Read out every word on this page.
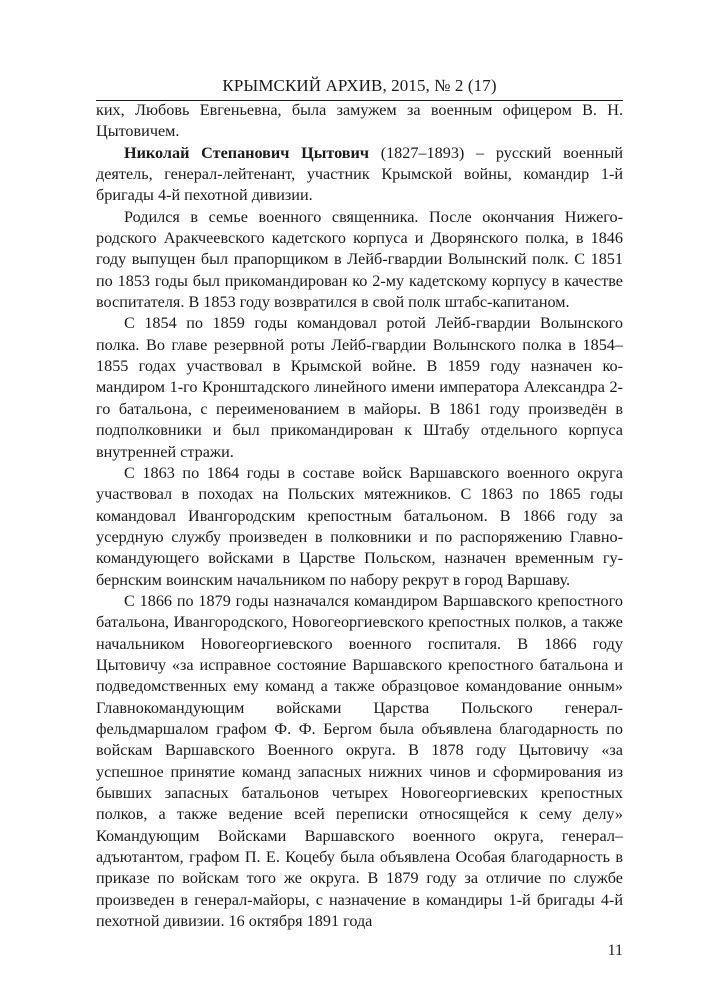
КРЫМСКИЙ АРХИВ, 2015, № 2 (17)

ких, Любовь Евгеньевна, была замужем за военным офицером В. Н. Цытовичем.

Николай Степанович Цытович (1827–1893) – русский военный деятель, генерал-лейтенант, участник Крымской войны, командир 1-й бригады 4-й пехотной дивизии.

Родился в семье военного священника. После окончания Нижегородского Аракчеевского кадетского корпуса и Дворянского полка, в 1846 году выпущен был прапорщиком в Лейб-гвардии Волынский полк. С 1851 по 1853 годы был прикомандирован ко 2-му кадетскому корпусу в качестве воспитателя. В 1853 году возвратился в свой полк штабс-капитаном.

С 1854 по 1859 годы командовал ротой Лейб-гвардии Волынского полка. Во главе резервной роты Лейб-гвардии Волынского полка в 1854–1855 годах участвовал в Крымской войне. В 1859 году назначен командиром 1-го Кронштадского линейного имени императора Александра 2-го батальона, с переименованием в майоры. В 1861 году произведён в подполковники и был прикомандирован к Штабу отдельного корпуса внутренней стражи.

С 1863 по 1864 годы в составе войск Варшавского военного округа участвовал в походах на Польских мятежников. С 1863 по 1865 годы командовал Ивангородским крепостным батальоном. В 1866 году за усердную службу произведен в полковники и по распоряжению Главнокомандующего войсками в Царстве Польском, назначен временным губернским воинским начальником по набору рекрут в город Варшаву.

С 1866 по 1879 годы назначался командиром Варшавского крепостного батальона, Ивангородского, Новогеоргиевского крепостных полков, а также начальником Новогеоргиевского военного госпиталя. В 1866 году Цытовичу «за исправное состояние Варшавского крепостного батальона и подведомственных ему команд а также образцовое командование онным» Главнокомандующим войсками Царства Польского генерал-фельдмаршалом графом Ф. Ф. Бергом была объявлена благодарность по войскам Варшавского Военного округа. В 1878 году Цытовичу «за успешное принятие команд запасных нижних чинов и сформирования из бывших запасных батальонов четырех Новогеоргиевских крепостных полков, а также ведение всей переписки относящейся к сему делу» Командующим Войсками Варшавского военного округа, генерал–адъютантом, графом П. Е. Коцебу была объявлена Особая благодарность в приказе по войскам того же округа. В 1879 году за отличие по службе произведен в генерал-майоры, с назначение в командиры 1-й бригады 4-й пехотной дивизии. 16 октября 1891 года

11
